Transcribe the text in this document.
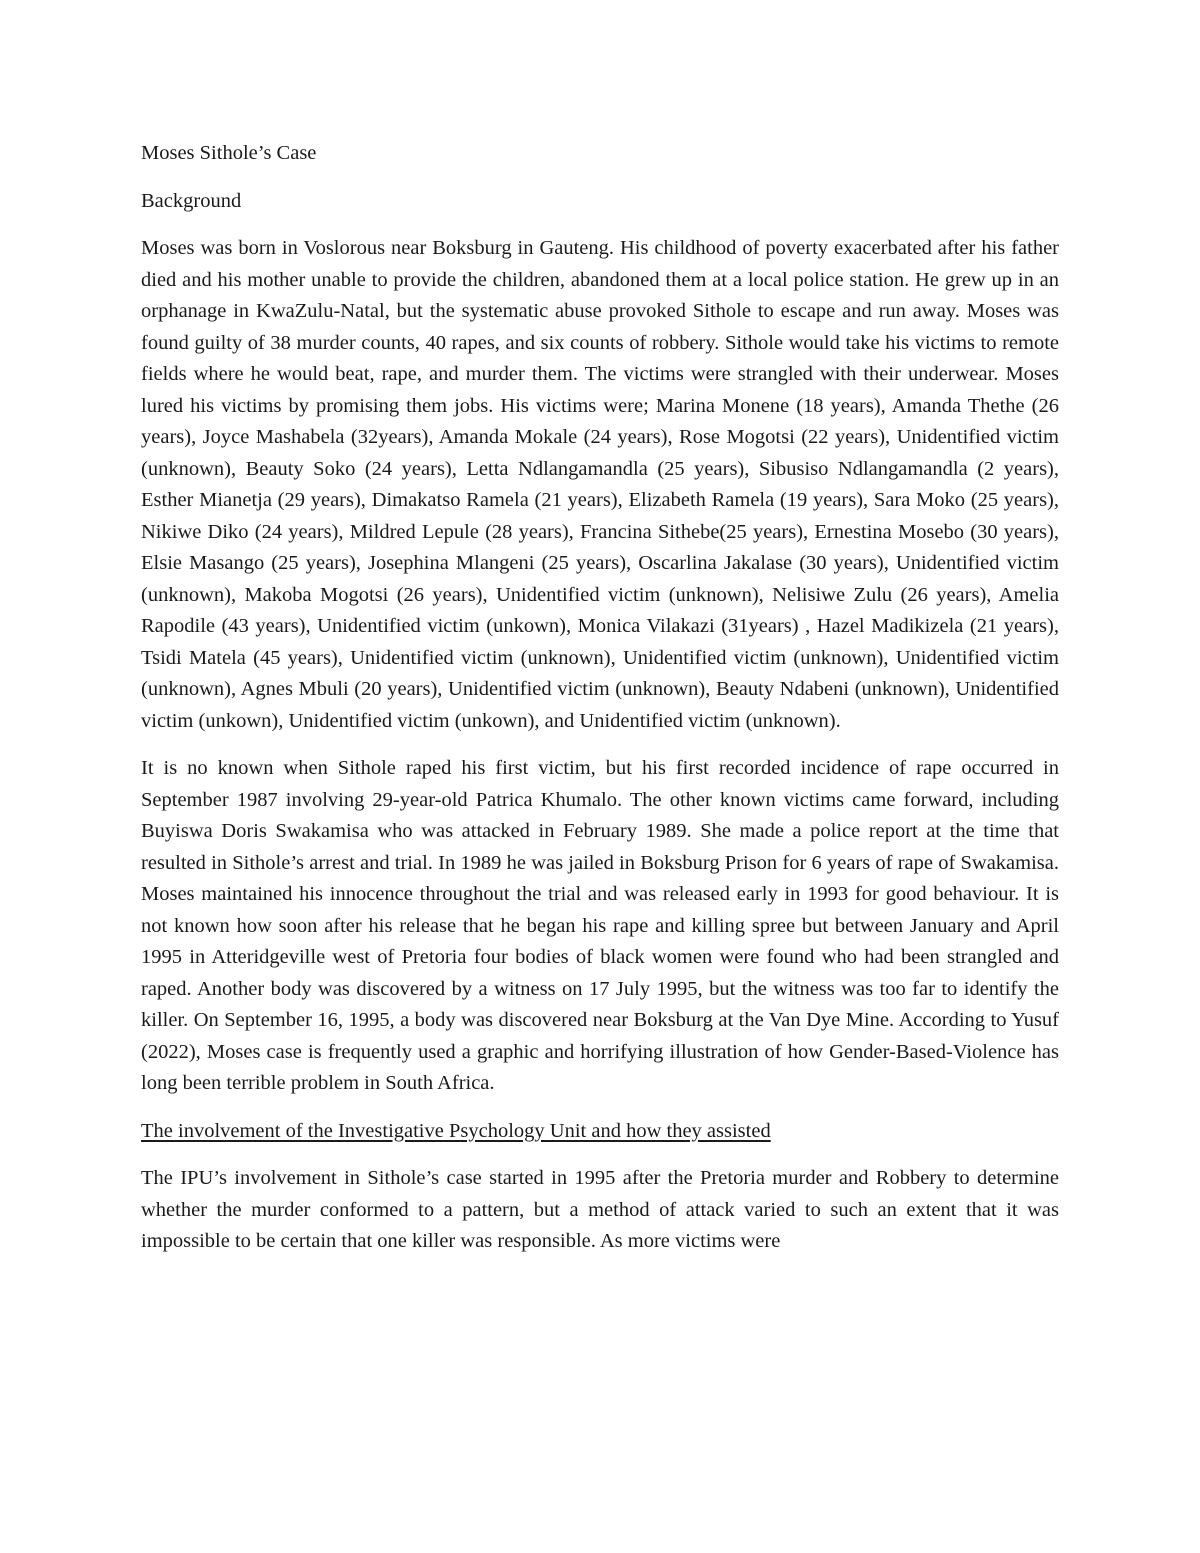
Moses Sithole’s Case
Background

Moses was born in Voslorous near Boksburg in Gauteng. His childhood of poverty exacerbated after his father died and his mother unable to provide the children, abandoned them at a local police station. He grew up in an orphanage in KwaZulu-Natal, but the systematic abuse provoked Sithole to escape and run away. Moses was found guilty of 38 murder counts, 40 rapes, and six counts of robbery. Sithole would take his victims to remote fields where he would beat, rape, and murder them. The victims were strangled with their underwear. Moses lured his victims by promising them jobs. His victims were; Marina Monene (18 years), Amanda Thethe (26 years), Joyce Mashabela (32years), Amanda Mokale (24 years), Rose Mogotsi (22 years), Unidentified victim (unknown), Beauty Soko (24 years), Letta Ndlangamandla (25 years), Sibusiso Ndlangamandla (2 years), Esther Mianetja (29 years), Dimakatso Ramela (21 years), Elizabeth Ramela (19 years), Sara Moko (25 years), Nikiwe Diko (24 years), Mildred Lepule (28 years), Francina Sithebe(25 years), Ernestina Mosebo (30 years), Elsie Masango (25 years), Josephina Mlangeni (25 years), Oscarlina Jakalase (30 years), Unidentified victim (unknown), Makoba Mogotsi (26 years), Unidentified victim (unknown), Nelisiwe Zulu (26 years), Amelia Rapodile (43 years), Unidentified victim (unkown), Monica Vilakazi (31years) , Hazel Madikizela (21 years), Tsidi Matela (45 years), Unidentified victim (unknown), Unidentified victim (unknown), Unidentified victim (unknown), Agnes Mbuli (20 years), Unidentified victim (unknown), Beauty Ndabeni (unknown), Unidentified victim (unkown), Unidentified victim (unkown), and Unidentified victim (unknown).

It is no known when Sithole raped his first victim, but his first recorded incidence of rape occurred in September 1987 involving 29-year-old Patrica Khumalo. The other known victims came forward, including Buyiswa Doris Swakamisa who was attacked in February 1989. She made a police report at the time that resulted in Sithole’s arrest and trial. In 1989 he was jailed in Boksburg Prison for 6 years of rape of Swakamisa. Moses maintained his innocence throughout the trial and was released early in 1993 for good behaviour. It is not known how soon after his release that he began his rape and killing spree but between January and April 1995 in Atteridgeville west of Pretoria four bodies of black women were found who had been strangled and raped. Another body was discovered by a witness on 17 July 1995, but the witness was too far to identify the killer. On September 16, 1995, a body was discovered near Boksburg at the Van Dye Mine. According to Yusuf (2022), Moses case is frequently used a graphic and horrifying illustration of how Gender-Based-Violence has long been terrible problem in South Africa.

The involvement of the Investigative Psychology Unit and how they assisted

The IPU’s involvement in Sithole’s case started in 1995 after the Pretoria murder and Robbery to determine whether the murder conformed to a pattern, but a method of attack varied to such an extent that it was impossible to be certain that one killer was responsible. As more victims were
